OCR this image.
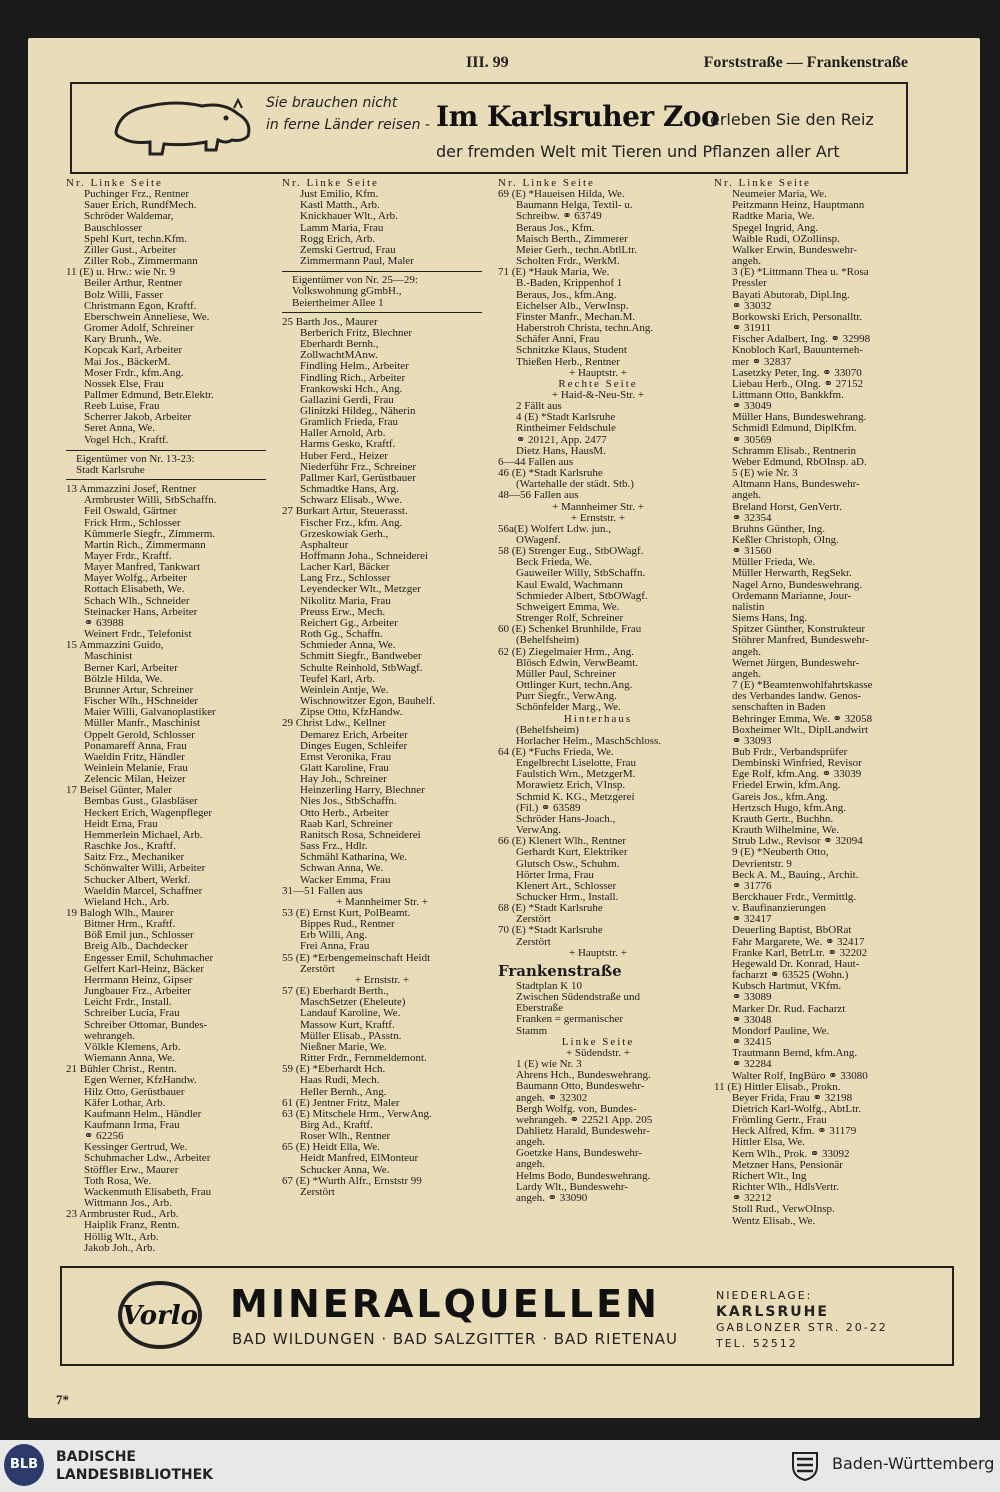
III. 99	Forststraße — Frankenstraße
Sie brauchen nicht
in ferne Länder reisen - Im Karlsruher Zoo
erleben Sie den Reiz
der fremden Welt mit Tieren und Pflanzen aller Art
Nr. Linke Seite
Puchinger Frz., Rentner
Sauer Erich, RundfMech.
Schröder Waldemar,
Bauschlosser
Spehl Kurt, techn.Kfm.
Ziller Gust., Arbeiter
Ziller Rob., Zimmermann
11 (E) u. Hrw.: wie Nr. 9
Beiler Arthur, Rentner
Bolz Willi, Fasser
Christmann Egon, Kraftf.
Eberschwein Anneliese, We.
Gromer Adolf, Schreiner
Kary Brunh., We.
Kopcak Karl, Arbeiter
Mai Jos., BäckerM.
Moser Frdr., kfm.Ang.
Nossek Else, Frau
Pallmer Edmund, Betr.Elektr.
Reeb Luise, Frau
Scherrer Jakob, Arbeiter
Seret Anna, We.
Vogel Hch., Kraftf.
Eigentümer von Nr. 13-23:
Stadt Karlsruhe
13 Ammazzini Josef, Rentner
Armbruster Willi, StbSchaffn.
Feil Oswald, Gärtner
Frick Hrm., Schlosser
Kümmerle Siegfr., Zimmerm.
Martin Rich., Zimmermann
Mayer Frdr., Kraftf.
Mayer Manfred, Tankwart
Mayer Wolfg., Arbeiter
Rottach Elisabeth, We.
Schach Wlh., Schneider
Steinacker Hans, Arbeiter
⚭ 63988
Weinert Frdr., Telefonist
15 Ammazzini Guido,
Maschinist
Berner Karl, Arbeiter
Bölzle Hilda, We.
Brunner Artur, Schreiner
Fischer Wlh., HSchneider
Maier Willi, Galvanoplastiker
Müller Manfr., Maschinist
Oppelt Gerold, Schlosser
Ponamareff Anna, Frau
Waeldin Fritz, Händler
Weinlein Melanie, Frau
Zelencic Milan, Heizer
17 Beisel Günter, Maler
Bembas Gust., Glasbläser
Heckert Erich, Wagenpfleger
Heidt Erna, Frau
Hemmerlein Michael, Arb.
Raschke Jos., Kraftf.
Saitz Frz., Mechaniker
Schönwalter Willi, Arbeiter
Schucker Albert, Werkf.
Waeldin Marcel, Schaffner
Wieland Hch., Arb.
19 Balogh Wlh., Maurer
Bittner Hrm., Kraftf.
Böß Emil jun., Schlosser
Breig Alb., Dachdecker
Engesser Emil, Schuhmacher
Gelfert Karl-Heinz, Bäcker
Herrmann Heinz, Gipser
Jungbauer Frz., Arbeiter
Leicht Frdr., Install.
Schreiber Lucia, Frau
Schreiber Ottomar, Bundes-
wehrangeh.
Völkle Klemens, Arb.
Wiemann Anna, We.
21 Bühler Christ., Rentn.
Egen Werner, KfzHandw.
Hilz Otto, Gerüstbauer
Käfer Lothar, Arb.
Kaufmann Helm., Händler
Kaufmann Irma, Frau
⚭ 62256
Kessinger Gertrud, We.
Schuhmacher Ldw., Arbeiter
Stöffler Erw., Maurer
Toth Rosa, We.
Wackenmuth Elisabeth, Frau
Wittmann Jos., Arb.
23 Armbruster Rud., Arb.
Haiplik Franz, Rentn.
Höllig Wlt., Arb.
Jakob Joh., Arb.
Nr. Linke Seite
Just Emilio, Kfm.
Kastl Matth., Arb.
Knickhauer Wlt., Arb.
Lamm Maria, Frau
Rogg Erich, Arb.
Zemski Gertrud, Frau
Zimmermann Paul, Maler
Eigentümer von Nr. 25—29:
Volkswohnung gGmbH.,
Beiertheimer Allee 1
25 Barth Jos., Maurer
Berberich Fritz, Blechner
Eberhardt Bernh.,
ZollwachtMAnw.
Findling Helm., Arbeiter
Findling Rich., Arbeiter
Frankowski Hch., Ang.
Gallazini Gerdi, Frau
Glinitzki Hildeg., Näherin
Gramlich Frieda, Frau
Haller Arnold, Arb.
Harms Gesko, Kraftf.
Huber Ferd., Heizer
Niederführ Frz., Schreiner
Pallmer Karl, Gerüstbauer
Schmadtke Hans, Arg.
Schwarz Elisab., Wwe.
27 Burkart Artur, Steuerasst.
Fischer Frz., kfm. Ang.
Grzeskowiak Gerh.,
Asphalteur
Hoffmann Joha., Schneiderei
Lacher Karl, Bäcker
Lang Frz., Schlosser
Leyendecker Wlt., Metzger
Nikolitz Maria, Frau
Preuss Erw., Mech.
Reichert Gg., Arbeiter
Roth Gg., Schaffn.
Schmieder Anna, We.
Schmitt Siegfr., Bandweber
Schulte Reinhold, StbWagf.
Teufel Karl, Arb.
Weinlein Antje, We.
Wischnowitzer Egon, Bauhelf.
Zipse Otto, KfzHandw.
29 Christ Ldw., Kellner
Demarez Erich, Arbeiter
Dinges Eugen, Schleifer
Ernst Veronika, Frau
Glatt Karoline, Frau
Hay Joh., Schreiner
Heinzerling Harry, Blechner
Nies Jos., StbSchaffn.
Otto Herb., Arbeiter
Raab Karl, Schreiner
Ranitsch Rosa, Schneiderei
Sass Frz., Hdlr.
Schmähl Katharina, We.
Schwan Anna, We.
Wacker Emma, Frau
31—51 Fallen aus
+ Mannheimer Str. +
53 (E) Ernst Kurt, PolBeamt.
Bippes Rud., Rentner
Erb Willi, Ang.
Frei Anna, Frau
55 (E) *Erbengemeinschaft Heidt
Zerstört
+ Ernststr. +
57 (E) Eberhardt Berth.,
MaschSetzer (Eheleute)
Landauf Karoline, We.
Massow Kurt, Kraftf.
Müller Elisab., PAsstn.
Nießner Marie, We.
Ritter Frdr., Fernmeldemont.
59 (E) *Eberhardt Hch.
Haas Rudi, Mech.
Heller Bernh., Ang.
61 (E) Jentner Fritz, Maler
63 (E) Mitschele Hrm., VerwAng.
Birg Ad., Kraftf.
Roser Wlh., Rentner
65 (E) Heidt Ella, We.
Heidt Manfred, ElMonteur
Schucker Anna, We.
67 (E) *Wurth Alfr., Ernststr 99
Zerstört
Nr. Linke Seite
69 (E) *Haueisen Hilda, We.
Baumann Helga, Textil- u.
Schreibw. ⚭ 63749
Beraus Jos., Kfm.
Maisch Berth., Zimmerer
Meier Gerh., techn.AbtlLtr.
Scholten Frdr., WerkM.
71 (E) *Hauk Maria, We.
B.-Baden, Krippenhof 1
Beraus, Jos., kfm.Ang.
Eichelser Alb., VerwInsp.
Finster Manfr., Mechan.M.
Haberstroh Christa, techn.Ang.
Schäfer Anni, Frau
Schnitzke Klaus, Student
Thießen Herb., Rentner
+ Hauptstr. +
Rechte Seite
+ Haid-&-Neu-Str. +
2 Fällt aus
4 (E) *Stadt Karlsruhe
Rintheimer Feldschule
⚭ 20121, App. 2477
Dietz Hans, HausM.
6—44 Fallen aus
46 (E) *Stadt Karlsruhe
(Wartehalle der städt. Stb.)
48—56 Fallen aus
+ Mannheimer Str. +
+ Ernststr. +
56a(E) Wolfert Ldw. jun.,
OWagenf.
58 (E) Strenger Eug., StbOWagf.
Beck Frieda, We.
Gauweiler Willy, StbSchaffn.
Kaul Ewald, Wachmann
Schmieder Albert, StbOWagf.
Schweigert Emma, We.
Strenger Rolf, Schreiner
60 (E) Schenkel Brunhilde, Frau
(Behelfsheim)
62 (E) Ziegelmaier Hrm., Ang.
Blösch Edwin, VerwBeamt.
Müller Paul, Schreiner
Ottlinger Kurt, techn.Ang.
Purr Siegfr., VerwAng.
Schönfelder Marg., We.
Hinterhaus
(Behelfsheim)
Horlacher Helm., MaschSchloss.
64 (E) *Fuchs Frieda, We.
Engelbrecht Liselotte, Frau
Faulstich Wrn., MetzgerM.
Morawietz Erich, VInsp.
Schmid K. KG., Metzgerei
(Fil.) ⚭ 63589
Schröder Hans-Joach.,
VerwAng.
66 (E) Klenert Wlh., Rentner
Gerhardt Kurt, Elektriker
Glutsch Osw., Schuhm.
Hörter Irma, Frau
Klenert Art., Schlosser
Schucker Hrm., Install.
68 (E) *Stadt Karlsruhe
Zerstört
70 (E) *Stadt Karlsruhe
Zerstört
+ Hauptstr. +
Frankenstraße
Stadtplan K 10
Zwischen Südendstraße und
Eberstraße
Franken = germanischer
Stamm
Linke Seite
+ Südendstr. +
1 (E) wie Nr. 3
Ahrens Hch., Bundeswehrang.
Baumann Otto, Bundeswehr-
angeh. ⚭ 32302
Bergh Wolfg. von, Bundes-
wehrangeh. ⚭ 22521 App. 205
Dahlietz Harald, Bundeswehr-
angeh.
Goetzke Hans, Bundeswehr-
angeh.
Helms Bodo, Bundeswehrang.
Lardy Wlt., Bundeswehr-
angeh. ⚭ 33090
Nr. Linke Seite
Neumeier Maria, We.
Peitzmann Heinz, Hauptmann
Radtke Maria, We.
Spegel Ingrid, Ang.
Waible Rudi, OZollinsp.
Walker Erwin, Bundeswehr-
angeh.
3 (E) *Littmann Thea u. *Rosa
Pressler
Bayati Abutorab, Dipl.Ing.
⚭ 33032
Borkowski Erich, Personalltr.
⚭ 31911
Fischer Adalbert, Ing. ⚭ 32998
Knobloch Karl, Bauunterneh-
mer ⚭ 32837
Lasetzky Peter, Ing. ⚭ 33070
Liebau Herb., OIng. ⚭ 27152
Littmann Otto, Bankkfm.
⚭ 33049
Müller Hans, Bundeswehrang.
Schmidl Edmund, DiplKfm.
⚭ 30569
Schramm Elisab., Rentnerin
Weber Edmund, RbOInsp. aD.
5 (E) wie Nr. 3
Altmann Hans, Bundeswehr-
angeh.
Breland Horst, GenVertr.
⚭ 32354
Bruhns Günther, Ing.
Keßler Christoph, OIng.
⚭ 31560
Müller Frieda, We.
Müller Herwarth, RegSekr.
Nagel Arno, Bundeswehrang.
Ordemann Marianne, Jour-
nalistin
Siems Hans, Ing.
Spitzer Günther, Konstrukteur
Stöhrer Manfred, Bundeswehr-
angeh.
Wernet Jürgen, Bundeswehr-
angeh.
7 (E) *Beamtenwohlfahrtskasse
des Verbandes landw. Genos-
senschaften in Baden
Behringer Emma, We. ⚭ 32058
Boxheimer Wlt., DiplLandwirt
⚭ 33093
Bub Frdr., Verbandsprüfer
Dembinski Winfried, Revisor
Ege Rolf, kfm.Ang. ⚭ 33039
Friedel Erwin, kfm.Ang.
Gareis Jos., kfm.Ang.
Hertzsch Hugo, kfm.Ang.
Krauth Gertr., Buchhn.
Krauth Wilhelmine, We.
Strub Ldw., Revisor ⚭ 32094
9 (E) *Neuberth Otto,
Devrientstr. 9
Beck A. M., Bauing., Archit.
⚭ 31776
Berckhauer Frdr., Vermittlg.
v. Baufinanzierungen
⚭ 32417
Deuerling Baptist, BbORat
Fahr Margarete, We. ⚭ 32417
Franke Karl, BetrLtr. ⚭ 32202
Hegewald Dr. Konrad, Haut-
facharzt ⚭ 63525 (Wohn.)
Kubsch Hartmut, VKfm.
⚭ 33089
Marker Dr. Rud. Facharzt
⚭ 33048
Mondorf Pauline, We.
⚭ 32415
Trautmann Bernd, kfm.Ang.
⚭ 32284
Walter Rolf, IngBüro ⚭ 33080
11 (E) Hittler Elisab., Prokn.
Beyer Frida, Frau ⚭ 32198
Dietrich Karl-Wolfg., AbtLtr.
Frömling Gertr., Frau
Heck Alfred, Kfm. ⚭ 31179
Hittler Elsa, We.
Kern Wlh., Prok. ⚭ 33092
Metzner Hans, Pensionär
Richert Wlt., Ing
Richter Wlh., HdlsVertr.
⚭ 32212
Stoll Rud., VerwOInsp.
Wentz Elisab., We.
Vorlo MINERALQUELLEN
BAD WILDUNGEN · BAD SALZGITTER · BAD RIETENAU
NIEDERLAGE:
KARLSRUHE
GABLONZER STR. 20-22
TEL. 52512
7*
BLB	BADISCHE
LANDESBIBLIOTHEK
Baden-Württemberg
